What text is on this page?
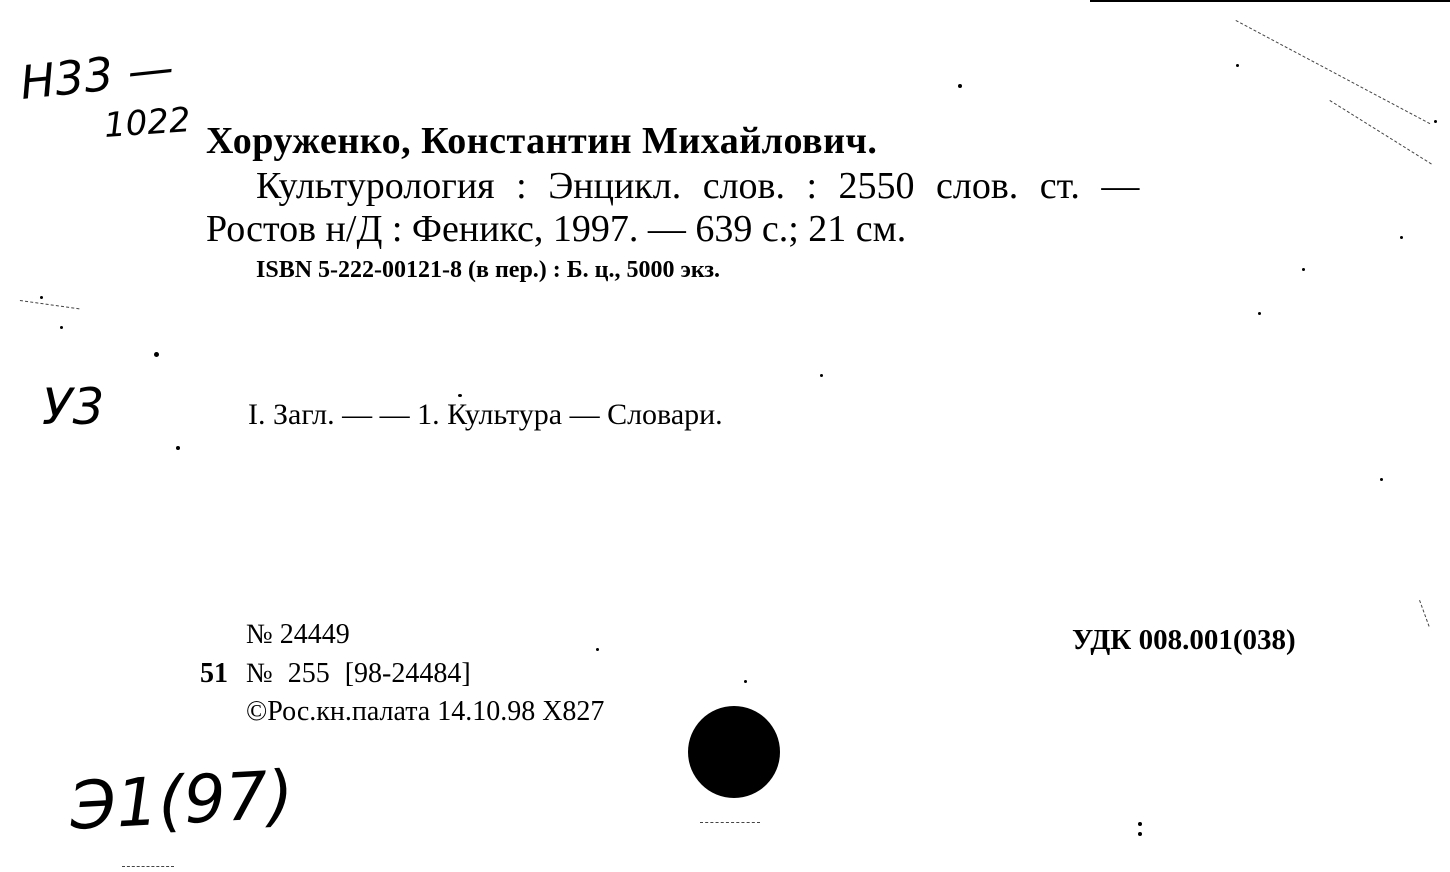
Н33 —
1022
У3
Э1(97)
Хоруженко, Константин Михайлович.
Культурология : Энцикл. слов. : 2550 слов. ст. —
Ростов н/Д : Феникс, 1997. — 639 с.; 21 см.
ISBN 5-222-00121-8 (в пер.) : Б. ц., 5000 экз.
I. Загл. — — 1. Культура — Словари.
№ 24449
51 № 255 [98-24484]
©Рос.кн.палата 14.10.98 Х827
УДК 008.001(038)
